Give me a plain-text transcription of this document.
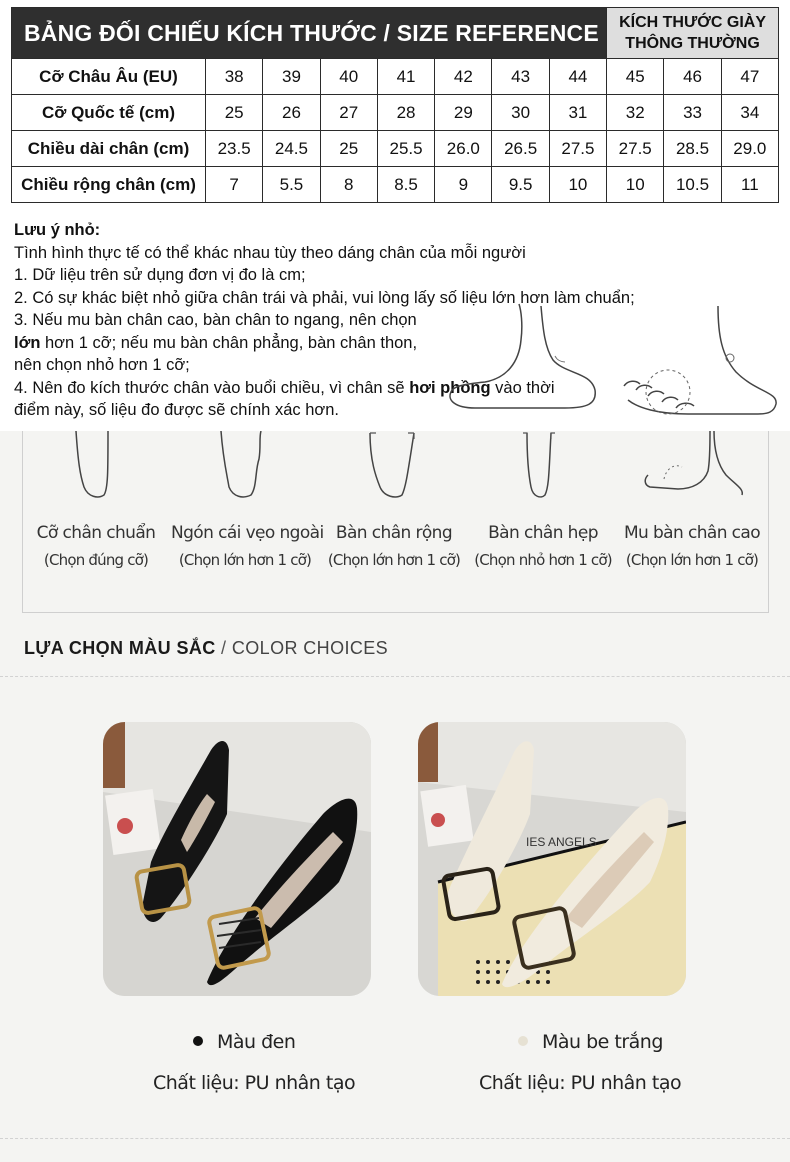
BẢNG ĐỐI CHIẾU KÍCH THƯỚC / SIZE REFERENCE								KÍCH THƯỚC GIÀY
THÔNG THƯỜNG		

Cỡ Châu Âu (EU)	38	39	40	41	42	43	44	45	46	47
Cỡ Quốc tế (cm)	25	26	27	28	29	30	31	32	33	34
Chiều dài chân (cm)	23.5	24.5	25	25.5	26.0	26.5	27.5	27.5	28.5	29.0
Chiều rộng chân (cm)	7	5.5	8	8.5	9	9.5	10	10	10.5	11

Lưu ý nhỏ:

Tình hình thực tế có thể khác nhau tùy theo dáng chân của mỗi người

1. Dữ liệu trên sử dụng đơn vị đo là cm;

2. Có sự khác biệt nhỏ giữa chân trái và phải, vui lòng lấy số liệu lớn hơn làm chuẩn;

3. Nếu mu bàn chân cao, bàn chân to ngang, nên chọn

lớn hơn 1 cỡ; nếu mu bàn chân phẳng, bàn chân thon,

nên chọn nhỏ hơn 1 cỡ;

4. Nên đo kích thước chân vào buổi chiều, vì chân sẽ hơi phồng vào thời

điểm này, số liệu đo được sẽ chính xác hơn.

Cỡ chân chuẩn
(Chọn đúng cỡ)
Ngón cái vẹo ngoài
(Chọn lớn hơn 1 cỡ)
Bàn chân rộng
(Chọn lớn hơn 1 cỡ)
Bàn chân hẹp
(Chọn nhỏ hơn 1 cỡ)
Mu bàn chân cao
(Chọn lớn hơn 1 cỡ)
LỰA CHỌN MÀU SẮC / COLOR CHOICES
IES ANGELS
Màu đen
Chất liệu: PU nhân tạo
Màu be trắng
Chất liệu: PU nhân tạo
